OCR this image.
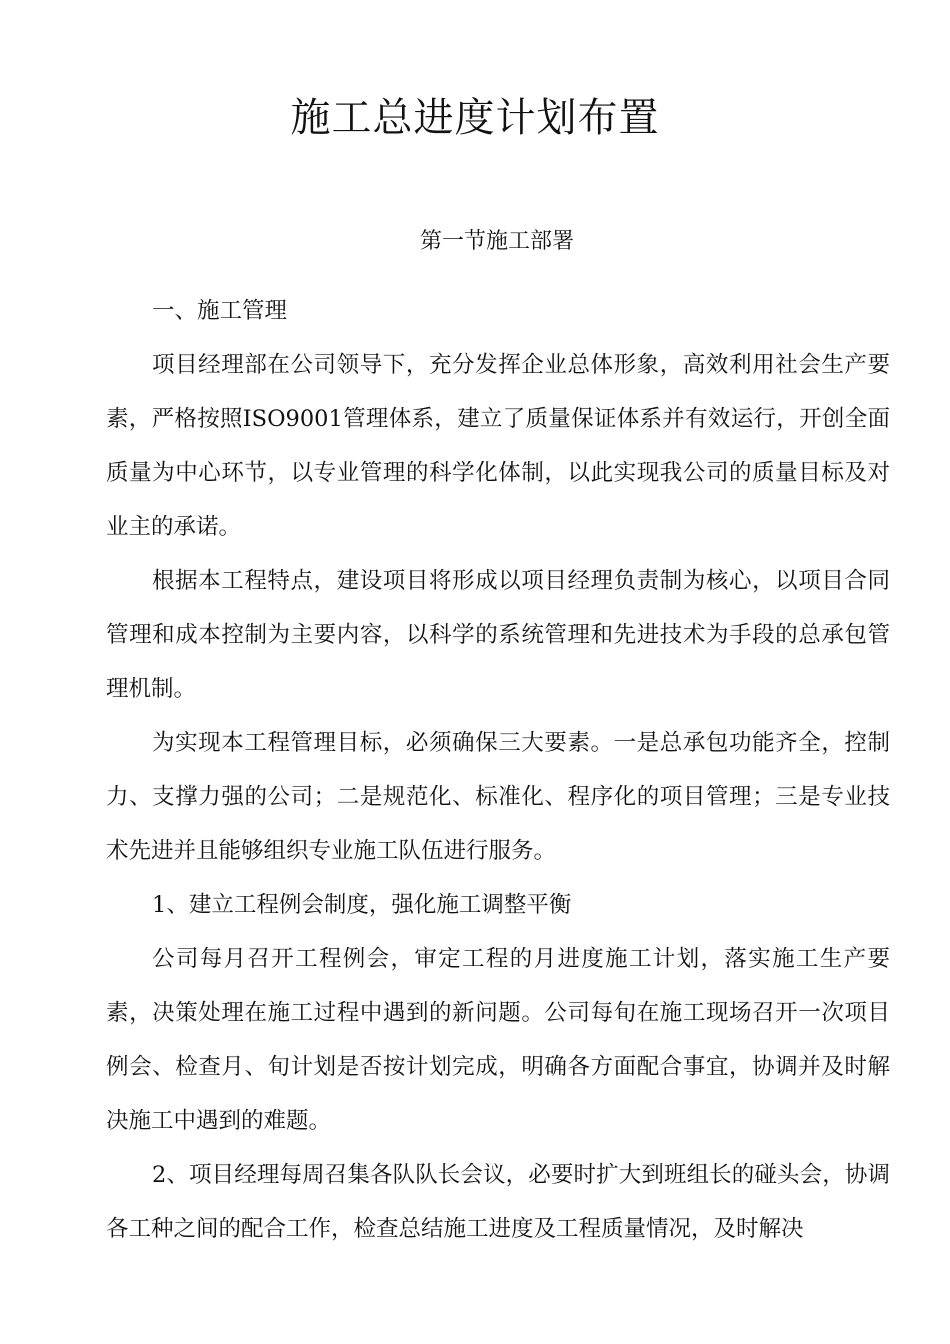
施工总进度计划布置
第一节施工部署

一、施工管理

项目经理部在公司领导下，充分发挥企业总体形象，高效利用社会生产要素，严格按照ISO9001管理体系，建立了质量保证体系并有效运行，开创全面质量为中心环节，以专业管理的科学化体制，以此实现我公司的质量目标及对业主的承诺。

根据本工程特点，建设项目将形成以项目经理负责制为核心，以项目合同管理和成本控制为主要内容，以科学的系统管理和先进技术为手段的总承包管理机制。

为实现本工程管理目标，必须确保三大要素。一是总承包功能齐全，控制力、支撑力强的公司；二是规范化、标准化、程序化的项目管理；三是专业技术先进并且能够组织专业施工队伍进行服务。

1、建立工程例会制度，强化施工调整平衡

公司每月召开工程例会，审定工程的月进度施工计划，落实施工生产要素，决策处理在施工过程中遇到的新问题。公司每旬在施工现场召开一次项目例会、检查月、旬计划是否按计划完成，明确各方面配合事宜，协调并及时解决施工中遇到的难题。

2、项目经理每周召集各队队长会议，必要时扩大到班组长的碰头会，协调各工种之间的配合工作，检查总结施工进度及工程质量情况，及时解决
